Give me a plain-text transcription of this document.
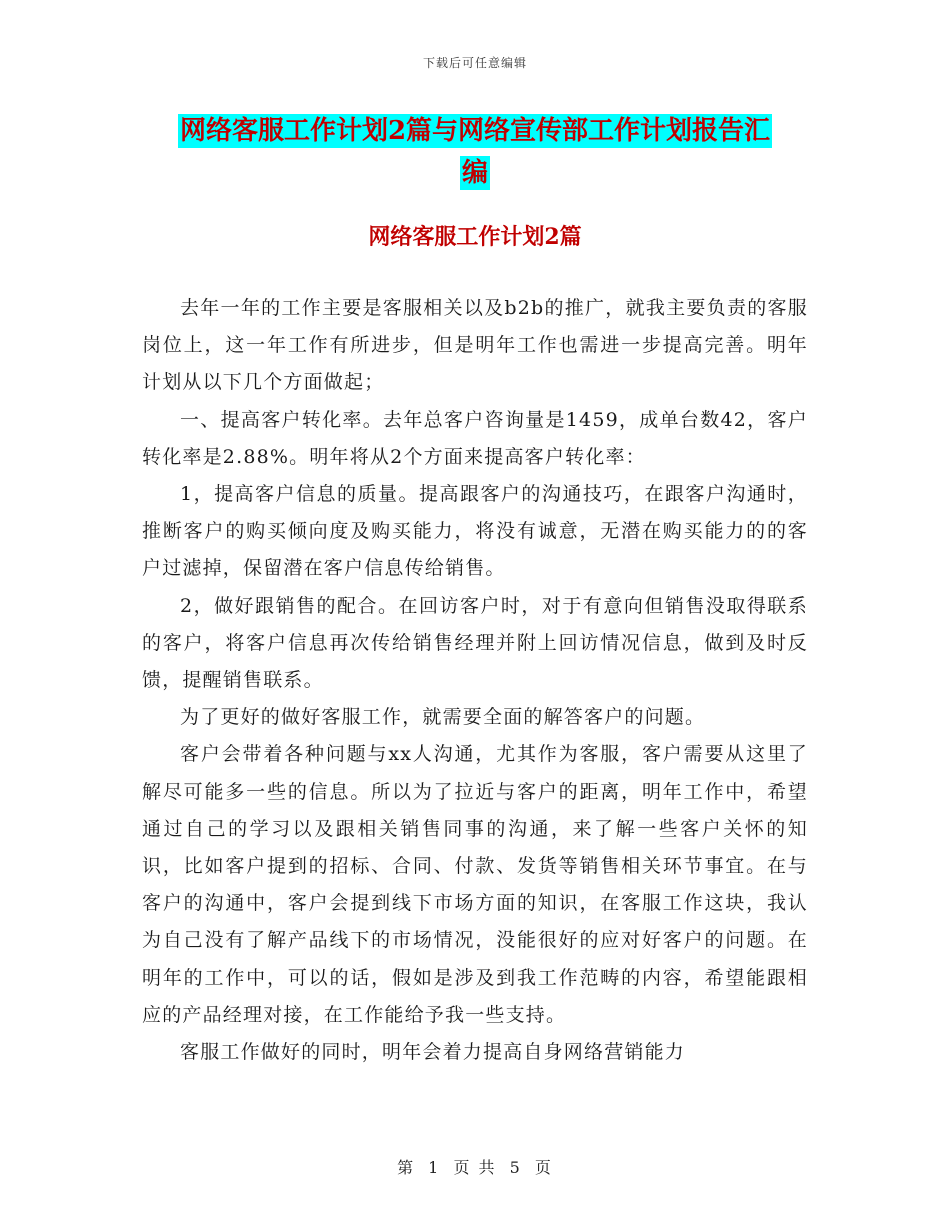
下载后可任意编辑
网络客服工作计划2篇与网络宣传部工作计划报告汇
编
网络客服工作计划2篇

去年一年的工作主要是客服相关以及b2b的推广，就我主要负责的客服岗位上，这一年工作有所进步，但是明年工作也需进一步提高完善。明年计划从以下几个方面做起；

一、提高客户转化率。去年总客户咨询量是1459，成单台数42，客户转化率是2.88%。明年将从2个方面来提高客户转化率：

1，提高客户信息的质量。提高跟客户的沟通技巧，在跟客户沟通时，推断客户的购买倾向度及购买能力，将没有诚意，无潜在购买能力的的客户过滤掉，保留潜在客户信息传给销售。

2，做好跟销售的配合。在回访客户时，对于有意向但销售没取得联系的客户，将客户信息再次传给销售经理并附上回访情况信息，做到及时反馈，提醒销售联系。

为了更好的做好客服工作，就需要全面的解答客户的问题。

客户会带着各种问题与xx人沟通，尤其作为客服，客户需要从这里了解尽可能多一些的信息。所以为了拉近与客户的距离，明年工作中，希望通过自己的学习以及跟相关销售同事的沟通，来了解一些客户关怀的知识，比如客户提到的招标、合同、付款、发货等销售相关环节事宜。在与客户的沟通中，客户会提到线下市场方面的知识，在客服工作这块，我认为自己没有了解产品线下的市场情况，没能很好的应对好客户的问题。在明年的工作中，可以的话，假如是涉及到我工作范畴的内容，希望能跟相应的产品经理对接，在工作能给予我一些支持。

客服工作做好的同时，明年会着力提高自身网络营销能力

第 1 页 共 5 页
